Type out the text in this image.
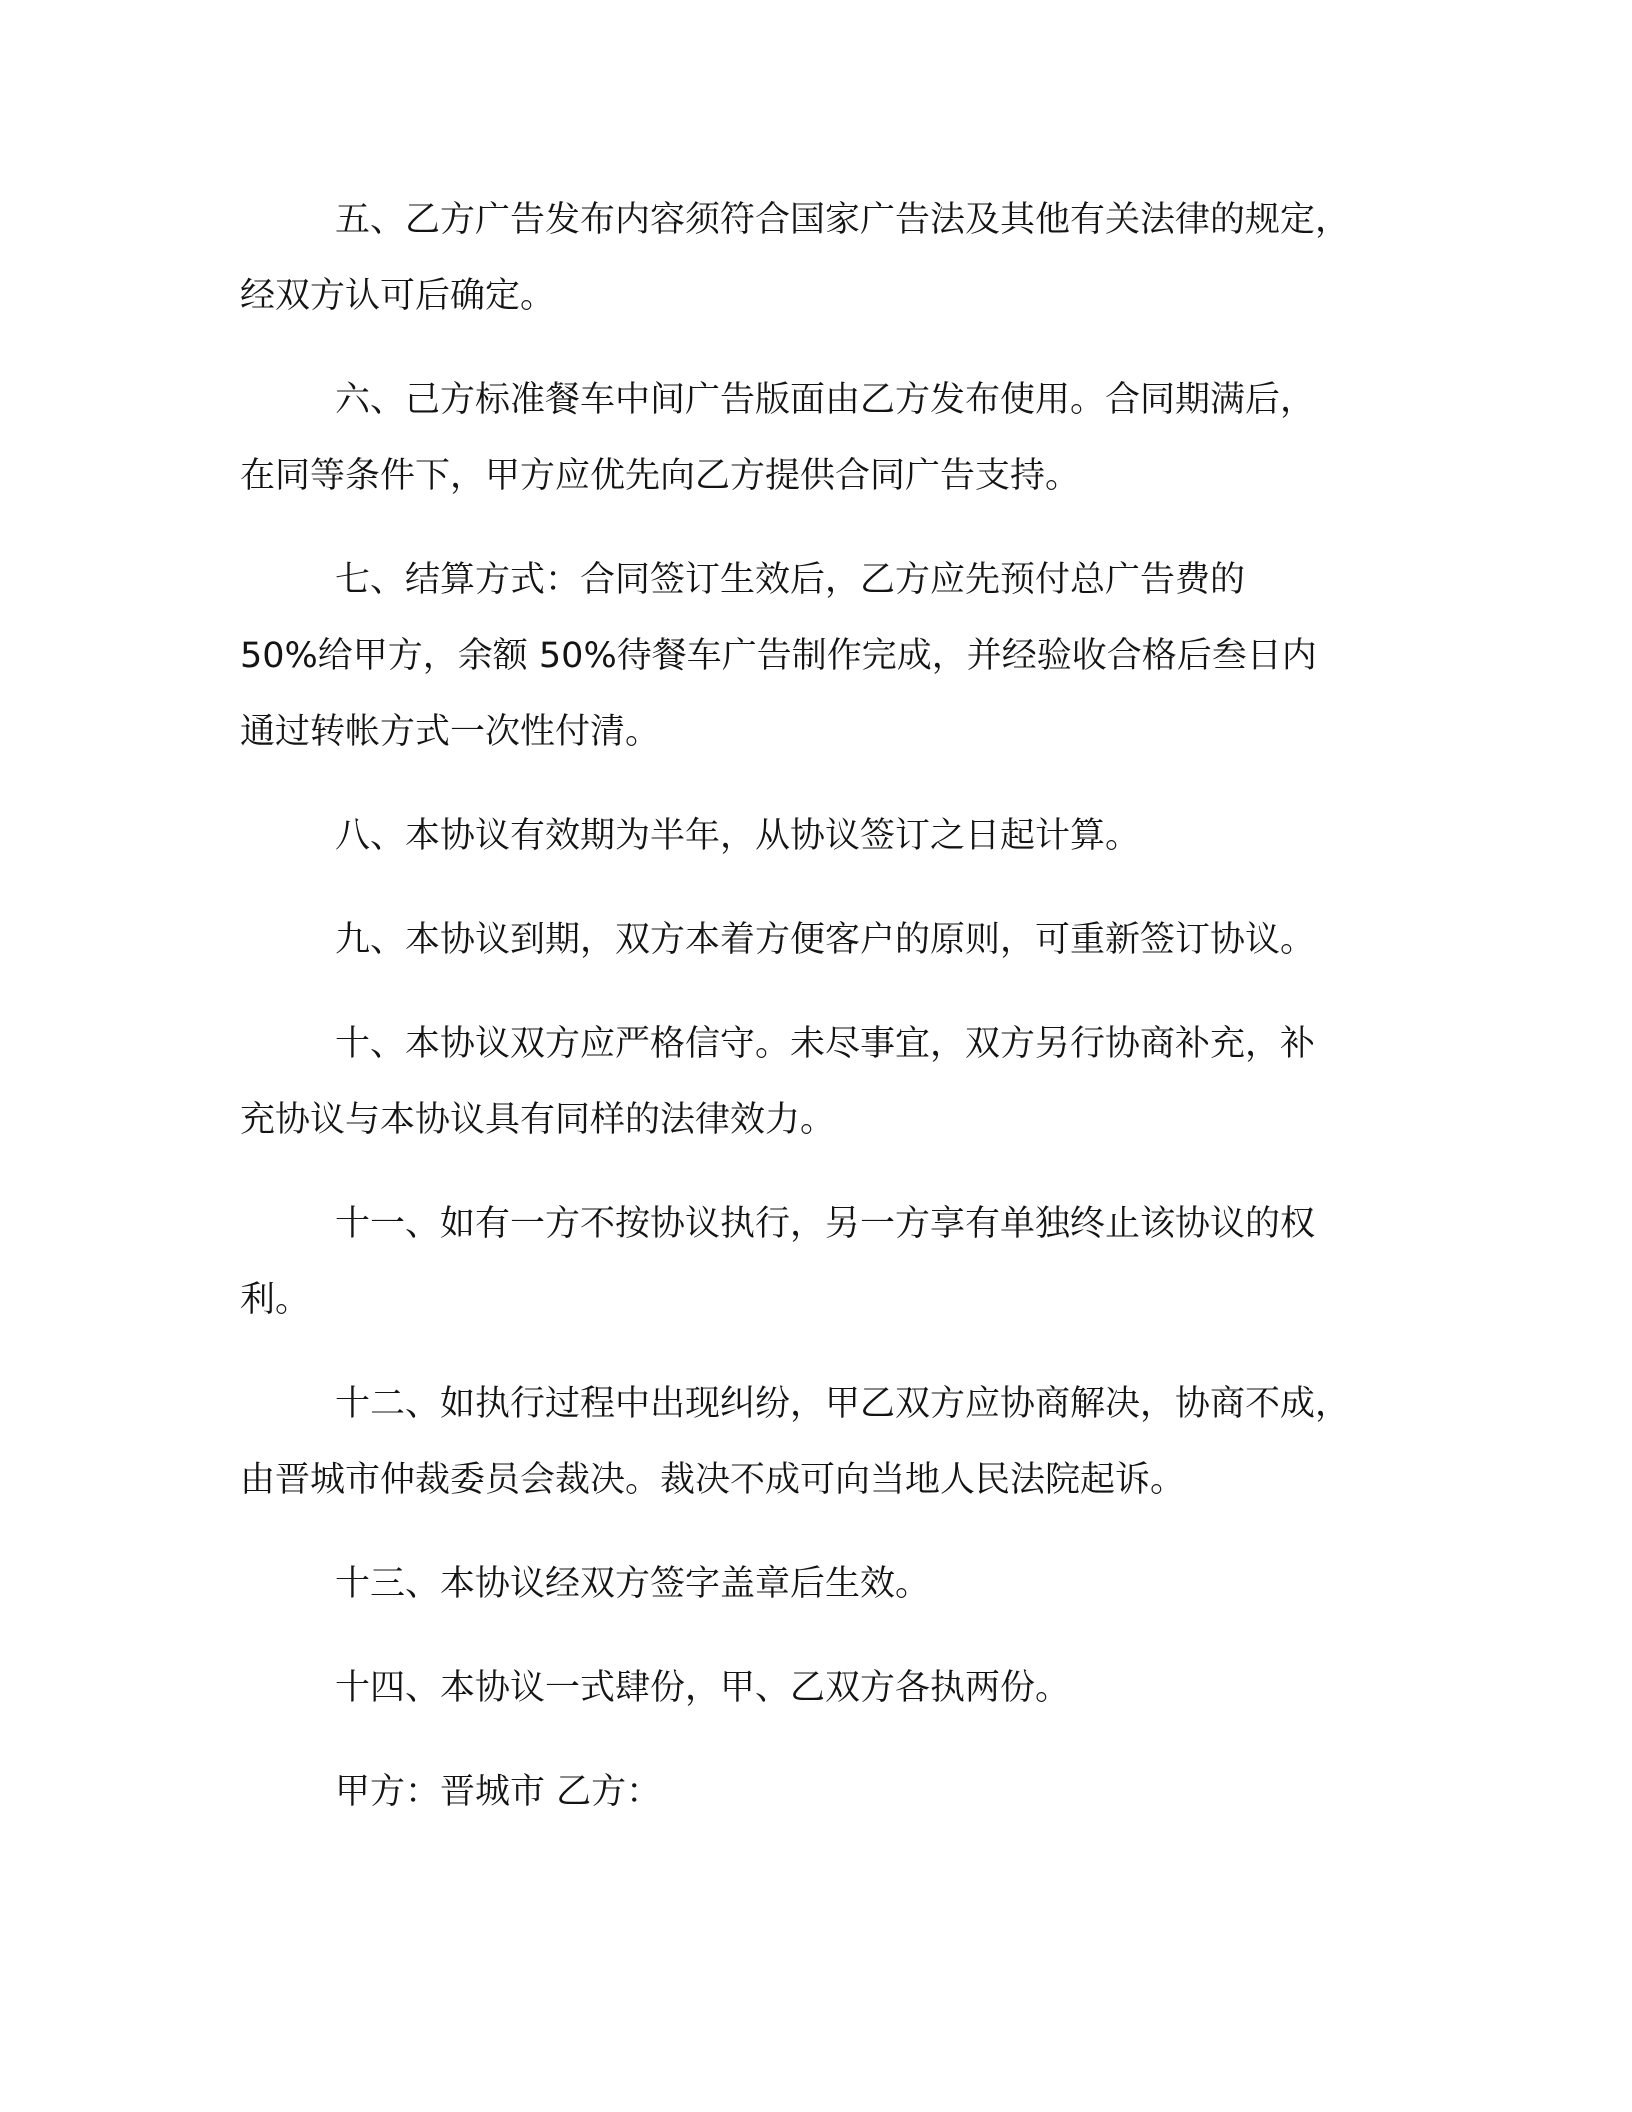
五、乙方广告发布内容须符合国家广告法及其他有关法律的规定，
经双方认可后确定。
六、己方标准餐车中间广告版面由乙方发布使用。合同期满后，
在同等条件下，甲方应优先向乙方提供合同广告支持。
七、结算方式：合同签订生效后，乙方应先预付总广告费的
50%给甲方，余额 50%待餐车广告制作完成，并经验收合格后叁日内
通过转帐方式一次性付清。
八、本协议有效期为半年，从协议签订之日起计算。
九、本协议到期，双方本着方便客户的原则，可重新签订协议。
十、本协议双方应严格信守。未尽事宜，双方另行协商补充，补
充协议与本协议具有同样的法律效力。
十一、如有一方不按协议执行，另一方享有单独终止该协议的权
利。
十二、如执行过程中出现纠纷，甲乙双方应协商解决，协商不成，
由晋城市仲裁委员会裁决。裁决不成可向当地人民法院起诉。
十三、本协议经双方签字盖章后生效。
十四、本协议一式肆份，甲、乙双方各执两份。
甲方：晋城市 乙方：
